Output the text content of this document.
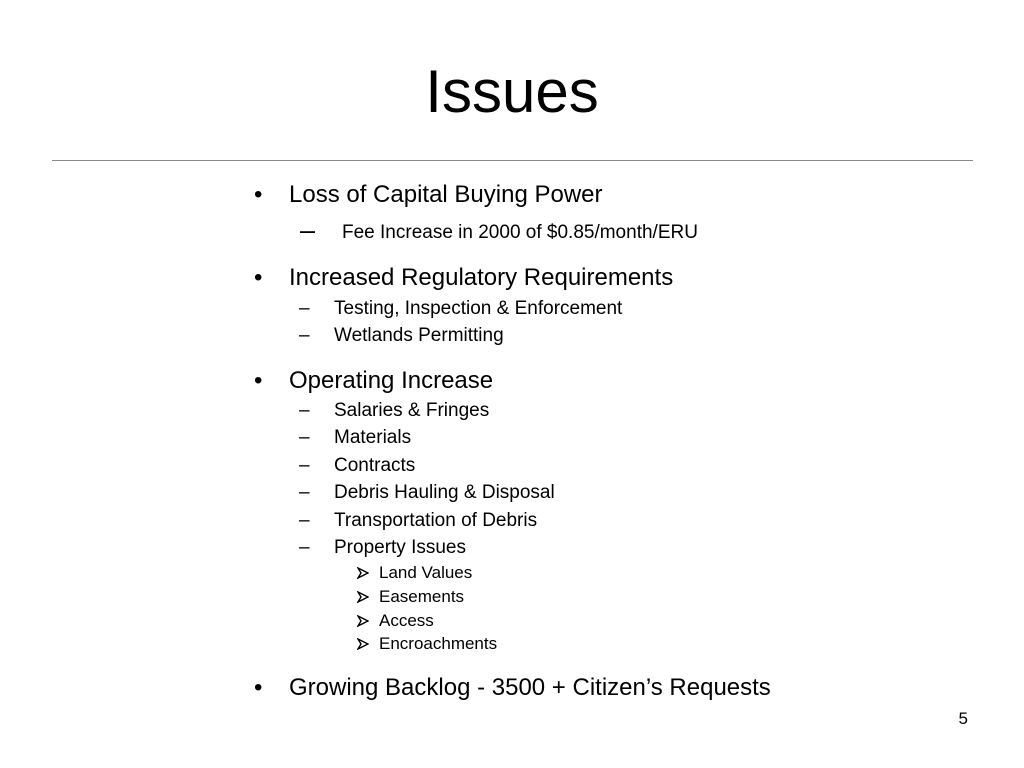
Issues
• Loss of Capital Buying Power
– Fee Increase in 2000 of $0.85/month/ERU
• Increased Regulatory Requirements
– Testing, Inspection & Enforcement
– Wetlands Permitting
• Operating Increase
– Salaries & Fringes
– Materials
– Contracts
– Debris Hauling & Disposal
– Transportation of Debris
– Property Issues
Land Values
Easements
Access
Encroachments
• Growing Backlog - 3500 + Citizen’s Requests
5
